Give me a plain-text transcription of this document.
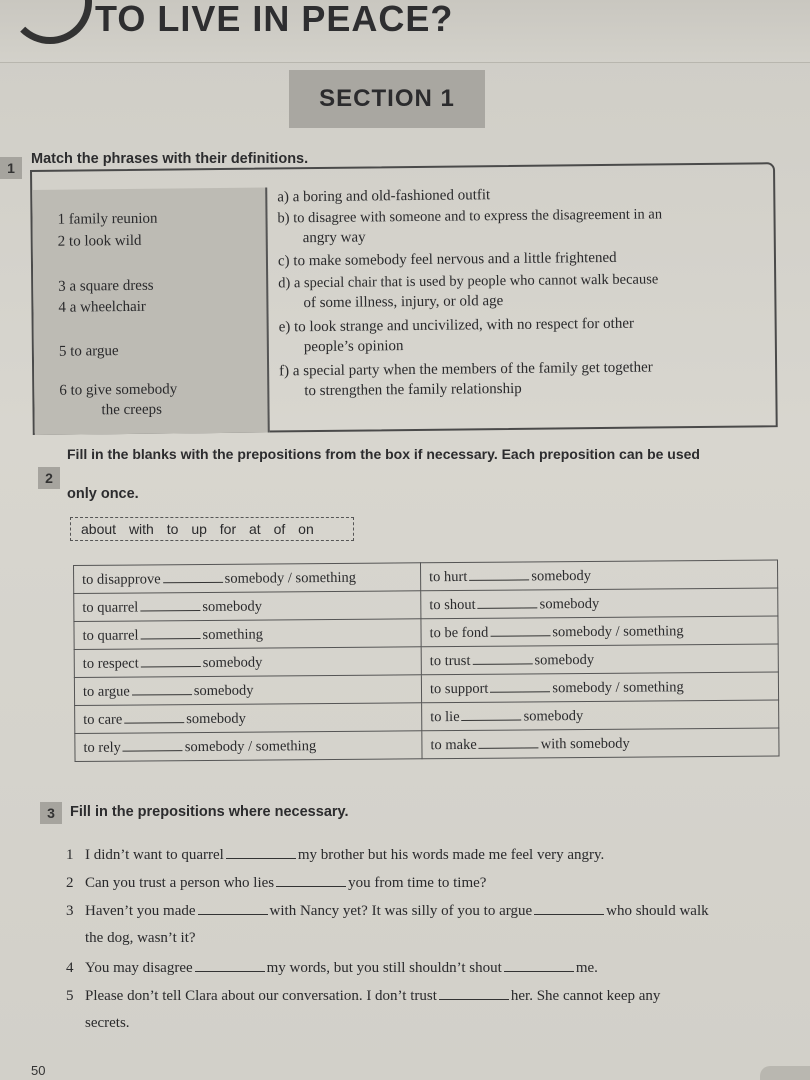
TO LIVE IN PEACE?
SECTION 1
1
Match the phrases with their definitions.
1 family reunion
2 to look wild
3 a square dress
4 a wheelchair
5 to argue
6 to give somebody
the creeps
a) a boring and old-fashioned outfit
b) to disagree with someone and to express the disagreement in an
angry way
c) to make somebody feel nervous and a little frightened
d) a special chair that is used by people who cannot walk because
of some illness, injury, or old age
e) to look strange and uncivilized, with no respect for other
people’s opinion
f) a special party when the members of the family get together
to strengthen the family relationship
2
Fill in the blanks with the prepositions from the box if necessary. Each preposition can be used
only once.
about with to up for at of on
to disapprove somebody / something	to hurt somebody
to quarrel somebody	to shout somebody
to quarrel something	to be fond somebody / something
to respect somebody	to trust somebody
to argue somebody	to support somebody / something
to care somebody	to lie somebody
to rely somebody / something	to make with somebody
3	Fill in the prepositions where necessary.
1 I didn’t want to quarrel	my brother but his words made me feel very angry.
2 Can you trust a person who lies	you from time to time?
3 Haven’t you made	with Nancy yet? It was silly of you to argue	who should walk
the dog, wasn’t it?
4 You may disagree	my words, but you still shouldn’t shout	me.
5 Please don’t tell Clara about our conversation. I don’t trust	her. She cannot keep any
secrets.
50
